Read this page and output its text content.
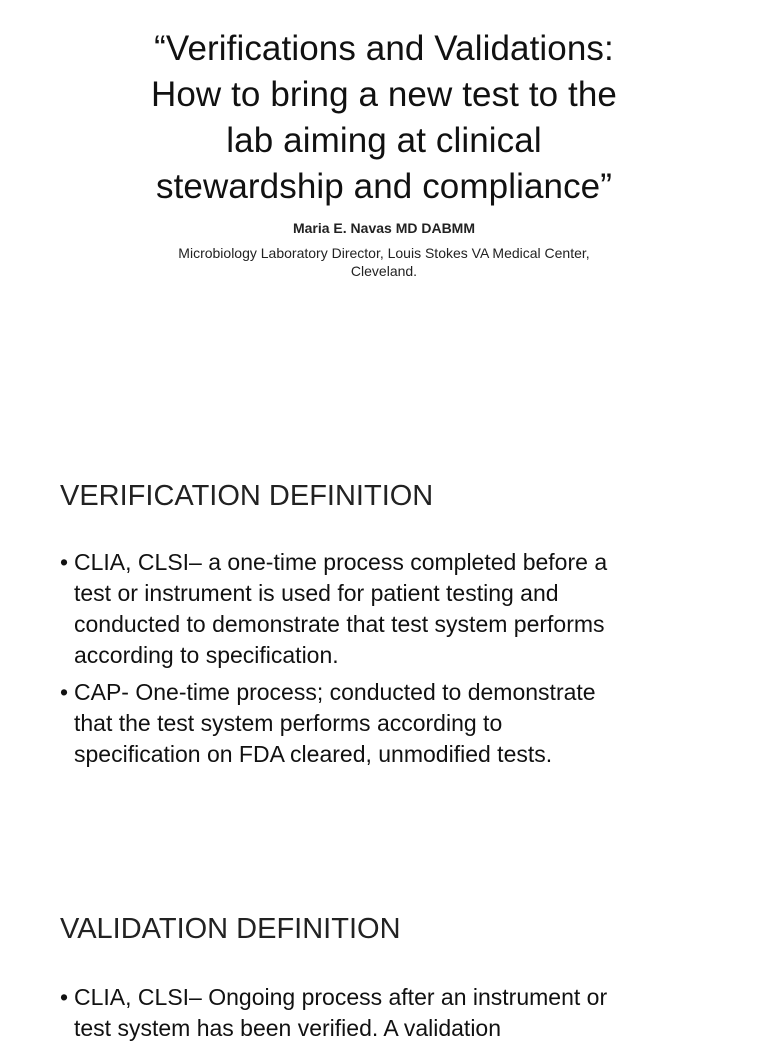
“Verifications and Validations:
How to bring a new test to the
lab aiming at clinical
stewardship and compliance”
Maria E. Navas MD DABMM
Microbiology Laboratory Director, Louis Stokes VA Medical Center,
Cleveland.
VERIFICATION DEFINITION
• CLIA, CLSI– a one-time process completed before a
test or instrument is used for patient testing and
conducted to demonstrate that test system performs
according to specification.
• CAP- One-time process; conducted to demonstrate
that the test system performs according to
specification on FDA cleared, unmodified tests.
VALIDATION DEFINITION
• CLIA, CLSI– Ongoing process after an instrument or
test system has been verified. A validation
